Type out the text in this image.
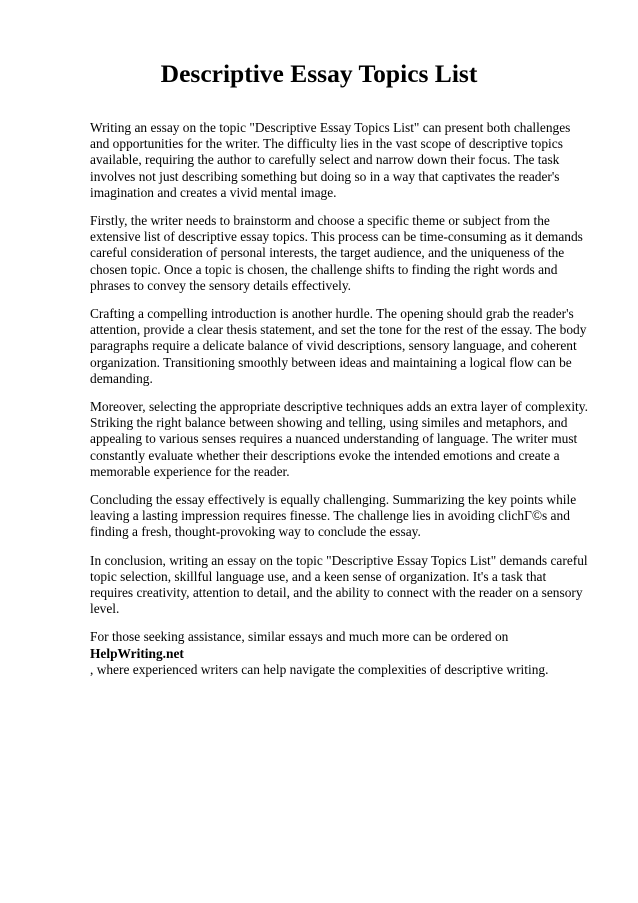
Descriptive Essay Topics List

Writing an essay on the topic "Descriptive Essay Topics List" can present both challenges and opportunities for the writer. The difficulty lies in the vast scope of descriptive topics available, requiring the author to carefully select and narrow down their focus. The task involves not just describing something but doing so in a way that captivates the reader's imagination and creates a vivid mental image.

Firstly, the writer needs to brainstorm and choose a specific theme or subject from the extensive list of descriptive essay topics. This process can be time-consuming as it demands careful consideration of personal interests, the target audience, and the uniqueness of the chosen topic. Once a topic is chosen, the challenge shifts to finding the right words and phrases to convey the sensory details effectively.

Crafting a compelling introduction is another hurdle. The opening should grab the reader's attention, provide a clear thesis statement, and set the tone for the rest of the essay. The body paragraphs require a delicate balance of vivid descriptions, sensory language, and coherent organization. Transitioning smoothly between ideas and maintaining a logical flow can be demanding.

Moreover, selecting the appropriate descriptive techniques adds an extra layer of complexity. Striking the right balance between showing and telling, using similes and metaphors, and appealing to various senses requires a nuanced understanding of language. The writer must constantly evaluate whether their descriptions evoke the intended emotions and create a memorable experience for the reader.

Concluding the essay effectively is equally challenging. Summarizing the key points while leaving a lasting impression requires finesse. The challenge lies in avoiding clichГ©s and finding a fresh, thought-provoking way to conclude the essay.

In conclusion, writing an essay on the topic "Descriptive Essay Topics List" demands careful topic selection, skillful language use, and a keen sense of organization. It's a task that requires creativity, attention to detail, and the ability to connect with the reader on a sensory level.

For those seeking assistance, similar essays and much more can be ordered on HelpWriting.net
, where experienced writers can help navigate the complexities of descriptive writing.
